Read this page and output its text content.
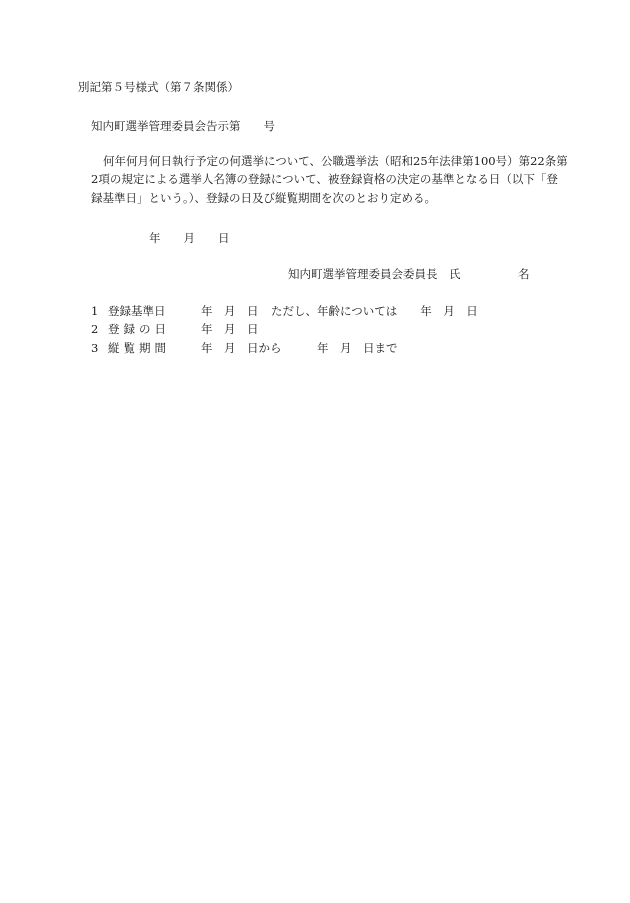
別記第５号様式（第７条関係）
知内町選挙管理委員会告示第　　号
何年何月何日執行予定の何選挙について、公職選挙法（昭和25年法律第100号）第22条第
2項の規定による選挙人名簿の登録について、被登録資格の決定の基準となる日（以下「登
録基準日」という。）、登録の日及び縦覧期間を次のとおり定める。
年　　月　　日
知内町選挙管理委員会委員長　氏　　　　　名
1 登録基準日	年　月　日 ただし、年齢については　　年　月　日
2 登録の日	年　月　日
3 縦覧期間	年　月　日から	年　月　日まで
